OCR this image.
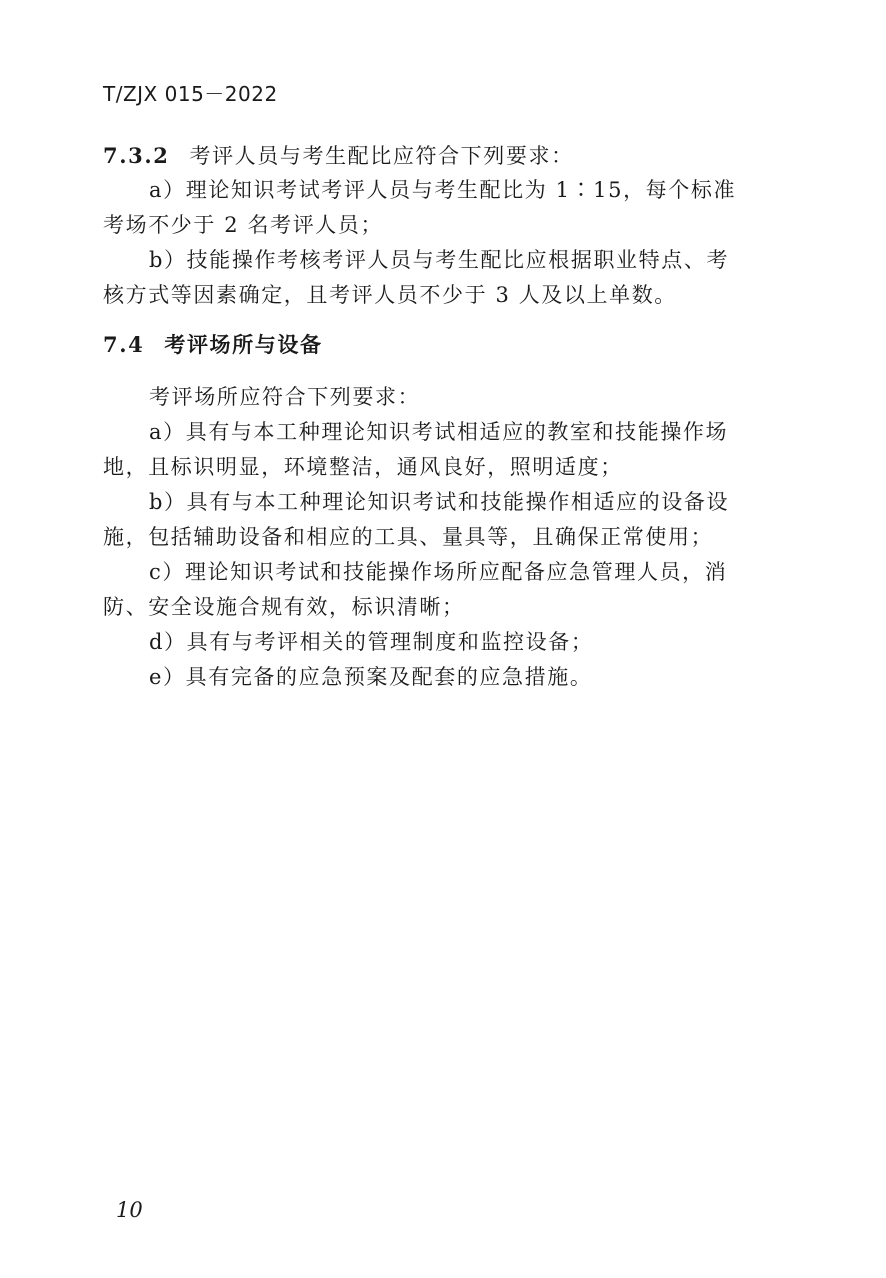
T/ZJX 015－2022
7.3.2 考评人员与考生配比应符合下列要求：
a）理论知识考试考评人员与考生配比为 1∶15，每个标准
考场不少于 2 名考评人员；
b）技能操作考核考评人员与考生配比应根据职业特点、考
核方式等因素确定，且考评人员不少于 3 人及以上单数。
7.4 考评场所与设备
考评场所应符合下列要求：
a）具有与本工种理论知识考试相适应的教室和技能操作场
地，且标识明显，环境整洁，通风良好，照明适度；
b）具有与本工种理论知识考试和技能操作相适应的设备设
施，包括辅助设备和相应的工具、量具等，且确保正常使用；
c）理论知识考试和技能操作场所应配备应急管理人员，消
防、安全设施合规有效，标识清晰；
d）具有与考评相关的管理制度和监控设备；
e）具有完备的应急预案及配套的应急措施。
10
